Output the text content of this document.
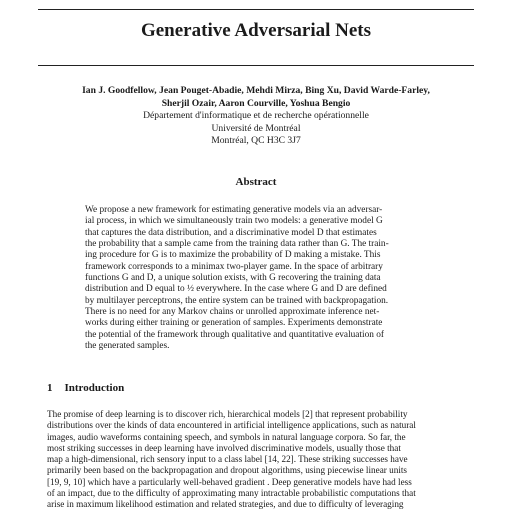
Generative Adversarial Nets
Ian J. Goodfellow, Jean Pouget-Abadie, Mehdi Mirza, Bing Xu, David Warde-Farley,
Sherjil Ozair, Aaron Courville, Yoshua Bengio
Département d'informatique et de recherche opérationnelle
Université de Montréal
Montréal, QC H3C 3J7
Abstract
We propose a new framework for estimating generative models via an adversar-
ial process, in which we simultaneously train two models: a generative model G
that captures the data distribution, and a discriminative model D that estimates
the probability that a sample came from the training data rather than G. The train-
ing procedure for G is to maximize the probability of D making a mistake. This
framework corresponds to a minimax two-player game. In the space of arbitrary
functions G and D, a unique solution exists, with G recovering the training data
distribution and D equal to ½ everywhere. In the case where G and D are defined
by multilayer perceptrons, the entire system can be trained with backpropagation.
There is no need for any Markov chains or unrolled approximate inference net-
works during either training or generation of samples. Experiments demonstrate
the potential of the framework through qualitative and quantitative evaluation of
the generated samples.
1 Introduction
The promise of deep learning is to discover rich, hierarchical models [2] that represent probability
distributions over the kinds of data encountered in artificial intelligence applications, such as natural
images, audio waveforms containing speech, and symbols in natural language corpora. So far, the
most striking successes in deep learning have involved discriminative models, usually those that
map a high-dimensional, rich sensory input to a class label [14, 22]. These striking successes have
primarily been based on the backpropagation and dropout algorithms, using piecewise linear units
[19, 9, 10] which have a particularly well-behaved gradient . Deep generative models have had less
of an impact, due to the difficulty of approximating many intractable probabilistic computations that
arise in maximum likelihood estimation and related strategies, and due to difficulty of leveraging
